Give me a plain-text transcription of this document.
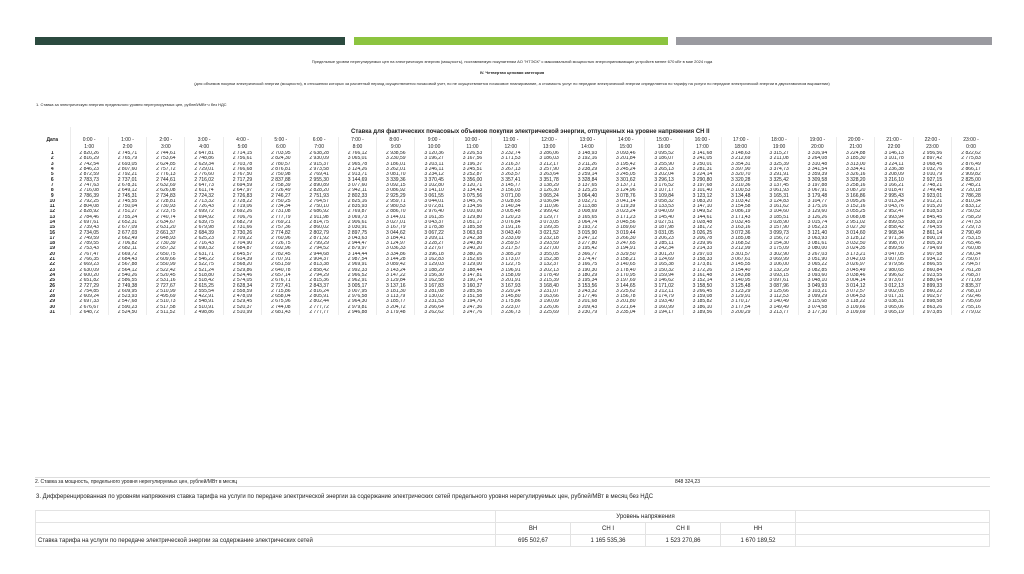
Предельные уровни нерегулируемых цен на электрическую энергию (мощность), поставляемую покупателям АО "НТЭСК" с максимальной мощностью энергопринимающих устройств менее 670 кВт в мае 2024 года
IV. Четвертая ценовая категория
(для объемов покупки электрической энергии (мощности), в отношении которых за расчетный период осуществляется почасовой учет, но не осуществляется почасовое планирование, а стоимость услуг по передаче электрической энергии определяется по тарифу на услуги по передаче электрической энергии в двухставочном выражении)
1. Ставка за электрическую энергию предельного уровня нерегулируемых цен, рублей/МВт∙ч без НДС
	Ставка для фактических почасовых объемов покупки электрической энергии, отпущенных на уровне напряжения СН II																							
Дата	0:00 -	1:00 -	2:00 -	3:00 -	4:00 -	5:00 -	6:00 -	7:00 -	8:00 -	9:00 -	10:00 -	11:00 -	12:00 -	13:00 -	14:00 -	15:00 -	16:00 -	17:00 -	18:00 -	19:00 -	20:00 -	21:00 -	22:00 -	23:00 -
	1:00	2:00	3:00	4:00	5:00	6:00	7:00	8:00	9:00	10:00	11:00	12:00	13:00	14:00	15:00	16:00	17:00	18:00	19:00	20:00	21:00	22:00	23:00	0:00
1	2 820,26	2 745,71	2 744,61	2 647,81	2 714,15	2 703,95	2 638,28	2 766,12	2 938,56	3 120,36	3 226,53	3 232,74	3 286,06	3 148,93	3 093,46	3 095,52	3 141,68	3 148,63	3 315,27	3 316,94	3 224,88	3 146,13	2 956,56	2 822,62
2	2 816,29	2 765,79	2 753,64	2 748,86	2 756,61	2 824,30	2 930,09	3 065,01	3 230,59	3 196,27	3 167,56	3 171,53	3 186,03	3 192,16	3 201,84	3 186,07	3 241,05	3 212,69	3 211,08	3 264,08	3 185,30	3 101,78	2 897,42	2 775,83
3	2 742,54	2 693,05	2 624,85	2 629,34	2 703,78	2 780,57	2 915,37	2 965,78	3 186,01	3 203,11	3 196,37	3 216,37	3 212,17	3 211,26	3 195,42	3 255,90	3 250,01	3 354,31	3 325,39	3 310,48	3 313,00	3 224,11	3 068,45	2 876,49
4	2 846,23	2 807,60	2 757,72	2 729,01	2 766,68	2 876,81	2 973,58	3 124,26	3 262,01	3 246,11	3 245,51	3 267,13	3 257,90	3 238,29	3 245,24	3 265,13	3 281,31	3 397,90	3 374,73	3 341,54	3 334,41	3 236,38	3 032,76	2 866,17
5	2 872,59	2 792,21	2 776,13	2 776,60	2 767,50	2 750,98	2 769,41	2 913,71	3 081,70	3 234,12	3 252,87	3 263,57	3 263,64	3 259,14	3 245,05	3 202,04	3 224,14	3 320,70	3 291,91	3 359,39	3 326,16	3 208,09	3 010,79	2 909,82
6	2 783,73	2 737,01	2 744,61	2 716,02	2 717,29	2 837,88	2 955,30	3 144,69	3 339,36	3 370,45	3 356,00	3 357,41	3 351,78	3 328,84	3 301,62	3 296,13	3 290,80	3 320,28	3 325,42	3 309,58	3 328,20	3 216,10	2 927,15	2 825,00
7	2 747,63	2 678,31	2 632,69	2 647,73	2 694,59	2 758,39	2 890,89	3 077,60	3 092,15	3 102,80	3 120,71	3 145,77	3 138,29	3 137,65	3 137,71	3 176,52	3 197,68	3 210,36	3 137,45	3 197,88	3 258,16	3 166,21	2 748,21	2 748,21
8	2 716,08	2 649,12	2 626,08	2 611,74	2 647,97	2 726,49	2 828,20	2 942,11	3 086,92	3 141,10	3 134,43	3 156,03	3 126,30	3 125,25	3 124,96	3 107,17	3 101,40	3 100,53	3 061,93	3 067,91	3 087,20	3 018,47	2 749,48	2 720,18
9	2 786,39	2 745,31	2 734,83	2 724,32	2 726,83	2 746,27	2 751,93	2 802,33	2 925,29	3 061,55	3 075,56	3 071,00	3 065,24	3 064,40	3 078,76	3 109,84	3 123,12	3 134,48	3 165,31	3 179,48	3 166,86	2 995,43	2 923,01	2 786,28
10	2 792,25	2 745,55	2 728,81	2 713,32	2 728,22	2 750,25	2 764,57	2 825,16	2 959,71	3 044,01	3 045,76	3 028,65	3 036,84	3 032,71	3 041,14	3 058,32	3 083,20	3 103,42	3 124,83	3 104,77	3 095,26	3 013,24	2 912,21	2 810,34
11	2 804,08	2 750,04	2 730,93	2 726,43	2 719,06	2 734,34	2 750,10	2 835,93	2 980,53	3 072,81	3 134,56	3 140,34	3 110,96	3 113,88	3 119,39	3 133,53	3 147,10	3 154,58	3 161,62	3 175,16	3 152,16	3 043,76	2 915,20	2 833,12
12	2 828,92	2 751,27	2 723,75	2 699,72	2 692,26	2 731,08	2 686,92	2 769,87	2 886,70	2 976,40	3 010,60	3 005,48	2 999,42	3 008,69	3 023,24	3 040,09	3 049,52	3 086,19	3 104,60	3 129,60	3 055,25	2 952,47	2 818,53	2 750,52
13	2 784,46	2 755,24	2 740,74	2 694,92	2 706,76	2 777,79	2 911,98	3 069,73	3 144,01	3 161,35	3 129,80	3 120,23	3 129,77	3 165,65	3 171,23	3 145,40	3 144,61	3 171,43	3 185,51	3 126,26	3 068,08	2 993,94	2 845,45	2 758,29
14	2 697,61	2 652,31	2 634,67	2 639,75	2 682,79	2 769,21	2 814,75	2 906,61	3 027,01	3 043,37	3 051,17	3 076,84	3 073,05	3 064,74	3 045,56	3 027,51	3 028,48	3 032,45	3 028,90	3 015,74	2 951,02	2 899,53	2 838,19	2 747,53
15	2 739,43	2 677,09	2 631,20	2 679,98	2 731,66	2 757,36	2 860,02	3 030,91	3 167,79	3 178,38	3 185,58	3 191,16	3 199,35	3 193,72	3 189,60	3 187,98	3 181,72	3 163,16	3 157,90	3 052,23	3 027,30	2 858,42	2 764,55	2 729,73
16	2 734,05	2 677,03	2 661,37	2 684,39	2 730,26	2 774,82	2 802,79	2 897,75	3 044,62	3 067,22	3 063,63	3 043,40	3 021,52	3 015,90	3 019,44	3 031,05	3 026,25	3 072,36	3 099,73	3 121,40	3 014,60	2 968,94	2 861,14	2 790,49
17	2 749,59	2 662,49	2 648,93	2 625,23	2 709,22	2 760,96	2 871,92	3 043,63	3 184,41	3 209,11	3 242,38	3 233,09	3 232,18	3 247,12	3 266,30	3 206,23	3 206,78	3 185,08	3 156,72	3 063,93	3 128,12	2 971,36	2 800,19	2 753,15
18	2 789,55	2 706,82	2 730,39	2 716,43	2 704,90	2 726,75	2 799,29	2 944,47	3 124,97	3 228,27	3 240,80	3 259,57	3 293,59	3 277,80	3 247,65	3 285,11	3 239,96	3 168,52	3 154,30	3 081,61	3 032,50	2 998,70	2 805,30	2 765,46
19	2 753,43	2 682,11	2 657,32	2 690,32	2 684,87	2 692,96	2 794,52	2 879,97	3 036,33	3 227,67	3 240,20	3 217,57	3 227,00	3 195,42	3 194,91	3 242,34	3 214,33	3 212,99	3 175,09	3 080,00	3 024,35	2 899,56	2 794,69	2 760,08
20	2 767,47	2 669,72	2 650,75	2 631,71	2 645,57	2 782,45	2 944,68	3 144,44	3 334,86	3 396,18	3 380,26	3 385,29	3 355,05	3 366,77	3 329,50	3 301,20	3 297,03	3 301,57	3 302,90	3 267,03	3 173,21	3 047,05	2 907,58	2 790,34
21	2 766,35	2 684,43	2 609,66	2 546,22	2 614,39	2 707,91	2 904,37	2 987,54	3 144,28	3 162,83	3 152,65	3 173,07	3 152,38	3 174,47	3 158,21	3 124,69	3 158,33	3 067,61	3 069,99	3 051,90	3 042,03	3 007,05	2 934,12	2 750,67
22	2 669,23	2 567,88	2 550,99	2 522,75	2 568,20	2 651,59	2 813,38	2 969,91	3 089,42	3 129,03	3 129,00	3 122,75	3 132,37	3 166,75	3 140,65	3 165,38	3 173,81	3 145,55	3 106,00	3 065,22	3 026,97	2 979,56	2 866,55	2 794,57
23	2 630,09	2 564,12	2 522,42	2 521,24	2 529,86	2 640,78	2 858,42	2 992,33	3 143,24	3 188,29	3 188,44	3 196,91	3 202,13	3 190,30	3 178,40	3 150,32	3 172,26	3 154,40	3 132,29	3 082,85	3 045,49	2 980,65	2 860,84	2 761,28
24	2 600,20	2 540,26	2 520,45	2 518,80	2 524,46	2 657,14	2 794,29	2 966,52	3 147,22	3 156,30	3 147,81	3 158,09	3 178,49	3 180,29	3 170,95	3 159,94	3 161,48	3 143,88	3 093,15	3 093,60	3 038,46	2 996,62	2 923,55	2 768,37
25	2 651,82	2 586,55	2 531,16	2 518,42	2 574,05	2 676,71	2 815,36	2 962,91	3 129,84	3 162,58	3 190,74	3 201,91	3 215,39	3 195,34	3 197,69	3 146,62	3 152,14	3 140,95	3 097,61	3 048,10	3 004,14	2 973,67	2 880,64	2 771,09
26	2 727,29	2 749,38	2 727,67	2 615,25	2 628,34	2 727,41	2 843,37	3 005,17	3 137,16	3 167,83	3 160,37	3 167,93	3 168,40	3 153,56	3 144,65	3 171,02	3 158,50	3 125,48	3 087,96	3 049,93	3 014,12	3 012,13	2 899,33	2 835,37
27	2 754,85	2 609,95	2 510,99	2 555,54	2 558,59	2 715,86	2 816,24	3 007,95	3 181,30	3 281,08	3 285,56	3 220,24	3 231,07	3 243,32	3 225,62	3 212,11	3 266,45	3 123,29	3 125,66	3 103,21	3 072,57	3 002,05	2 860,22	2 768,10
28	2 609,24	2 523,93	2 495,69	2 422,91	2 478,09	2 658,04	2 805,91	2 976,58	3 113,79	3 130,02	3 151,58	3 145,80	3 163,66	3 177,46	3 156,78	3 174,79	3 159,08	3 129,91	3 112,53	3 099,29	3 064,53	3 017,31	2 902,57	2 792,46
29	2 697,33	2 547,68	2 510,73	2 548,91	2 529,45	2 675,96	2 802,44	2 964,30	3 185,77	3 231,53	3 194,70	3 175,86	3 190,09	3 201,68	3 201,80	3 193,40	3 185,82	3 170,17	3 140,49	3 115,68	3 118,22	3 038,31	2 898,58	2 795,69
30	2 676,67	2 590,23	2 517,58	2 510,91	2 520,37	2 744,08	2 777,72	2 979,81	3 204,72	3 266,64	3 247,36	3 223,07	3 226,06	3 209,43	3 221,64	3 160,99	3 186,10	3 177,54	3 149,49	3 074,58	3 109,66	3 065,06	2 863,26	2 755,16
31	2 648,72	2 524,50	2 511,52	2 498,86	2 510,99	2 681,43	2 777,77	2 946,88	3 179,48	3 262,62	3 247,76	3 236,73	3 225,69	3 230,79	3 235,04	3 194,17	3 189,56	3 200,29	3 213,77	3 177,30	3 109,69	3 065,19	2 973,85	2 779,02
2. Ставка за мощность, предельного уровня нерегулируемых цен, рублей/МВт в месяц	848 324,23
3. Дифференцированная по уровням напряжения ставка тарифа на услуги по передаче электрической энергии за содержание электрических сетей предельного уровня нерегулируемых цен, рублей/МВт в месяц без НДС
	Уровень напряжения				
	ВН	СН I	СН II	НН	
Ставка тарифа на услуги по передаче электрической энергии за содержание электрических сетей	695 502,67	1 165 535,36	1 523 270,86	1 670 189,52	
